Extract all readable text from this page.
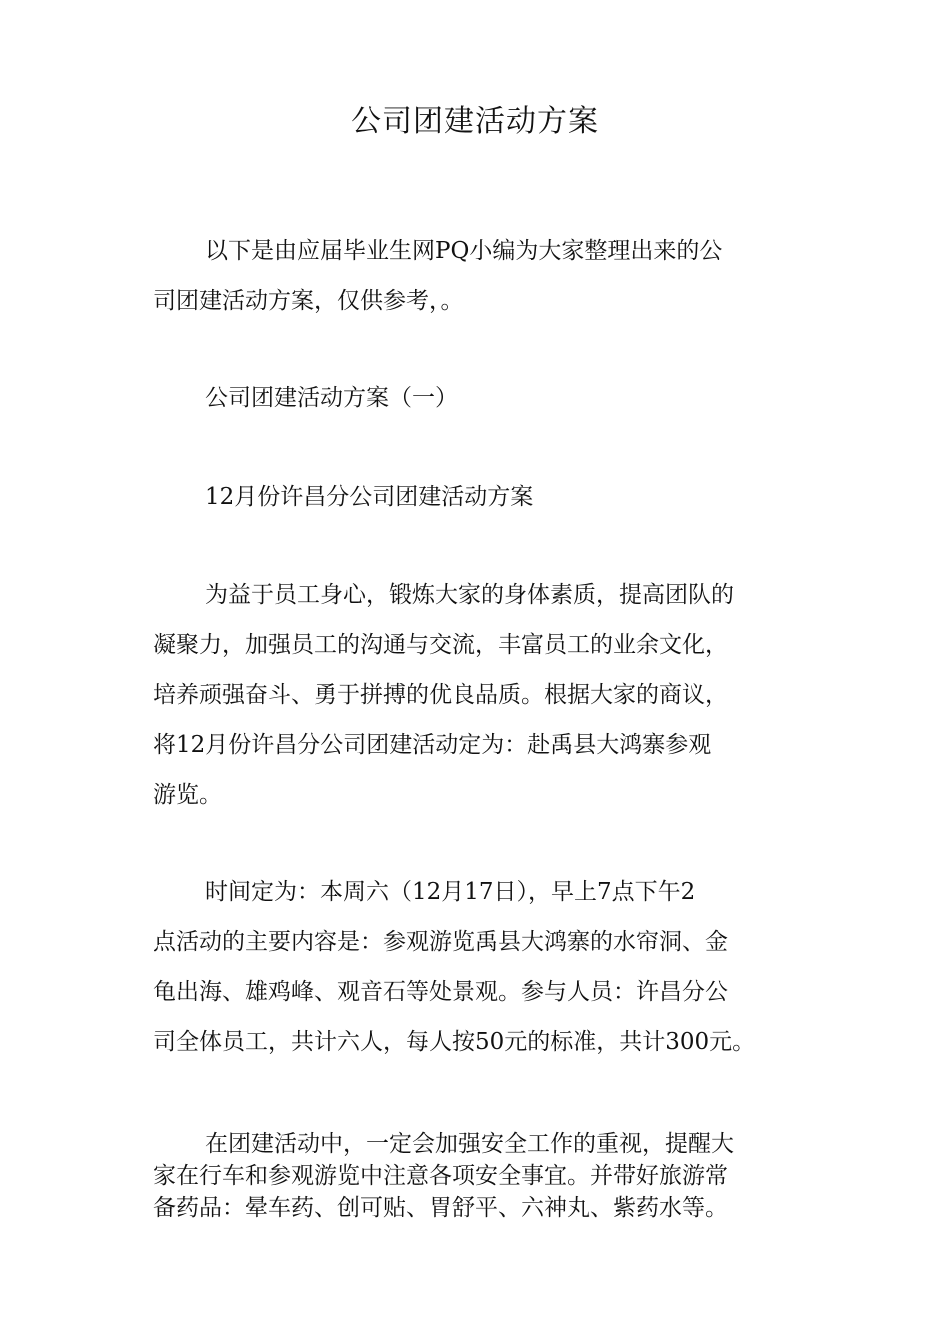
公司团建活动方案

以下是由应届毕业生网PQ小编为大家整理出来的公
司团建活动方案，仅供参考，。

公司团建活动方案（一）

12月份许昌分公司团建活动方案

为益于员工身心，锻炼大家的身体素质，提高团队的
凝聚力，加强员工的沟通与交流，丰富员工的业余文化，
培养顽强奋斗、勇于拼搏的优良品质。根据大家的商议，
将12月份许昌分公司团建活动定为：赴禹县大鸿寨参观
游览。

时间定为：本周六（12月17日），早上7点下午2
点活动的主要内容是：参观游览禹县大鸿寨的水帘洞、金
龟出海、雄鸡峰、观音石等处景观。参与人员：许昌分公
司全体员工，共计六人，每人按50元的标准，共计300元。

在团建活动中，一定会加强安全工作的重视，提醒大
家在行车和参观游览中注意各项安全事宜。并带好旅游常
备药品：晕车药、创可贴、胃舒平、六神丸、紫药水等。
